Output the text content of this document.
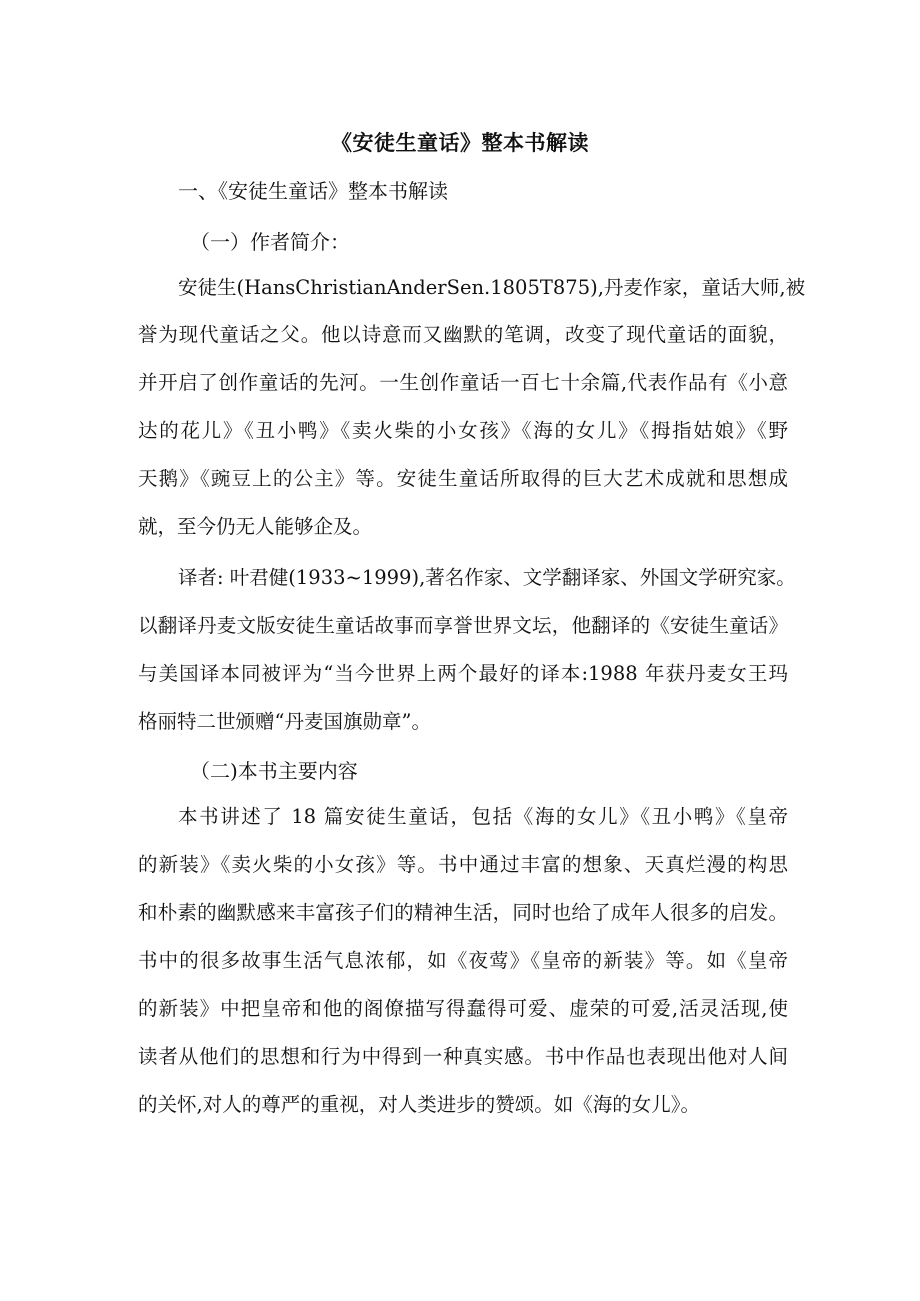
《安徒生童话》整本书解读
一、《安徒生童话》整本书解读
（一）作者简介：
安徒生(HansChristianAnderSen.1805T875),丹麦作家，童话大师,被
誉为现代童话之父。他以诗意而又幽默的笔调，改变了现代童话的面貌，
并开启了创作童话的先河。一生创作童话一百七十余篇,代表作品有《小意
达的花儿》《丑小鸭》《卖火柴的小女孩》《海的女儿》《拇指姑娘》《野
天鹅》《豌豆上的公主》等。安徒生童话所取得的巨大艺术成就和思想成
就，至今仍无人能够企及。
译者: 叶君健(1933~1999),著名作家、文学翻译家、外国文学研究家。
以翻译丹麦文版安徒生童话故事而享誉世界文坛，他翻译的《安徒生童话》
与美国译本同被评为“当今世界上两个最好的译本:1988 年获丹麦女王玛
格丽特二世颁赠“丹麦国旗勋章”。
（二)本书主要内容
本书讲述了 18 篇安徒生童话，包括《海的女儿》《丑小鸭》《皇帝
的新装》《卖火柴的小女孩》等。书中通过丰富的想象、天真烂漫的构思
和朴素的幽默感来丰富孩子们的精神生活，同时也给了成年人很多的启发。
书中的很多故事生活气息浓郁，如《夜莺》《皇帝的新装》等。如《皇帝
的新装》中把皇帝和他的阁僚描写得蠢得可爱、虚荣的可爱,活灵活现,使
读者从他们的思想和行为中得到一种真实感。书中作品也表现出他对人间
的关怀,对人的尊严的重视，对人类进步的赞颂。如《海的女儿》。
